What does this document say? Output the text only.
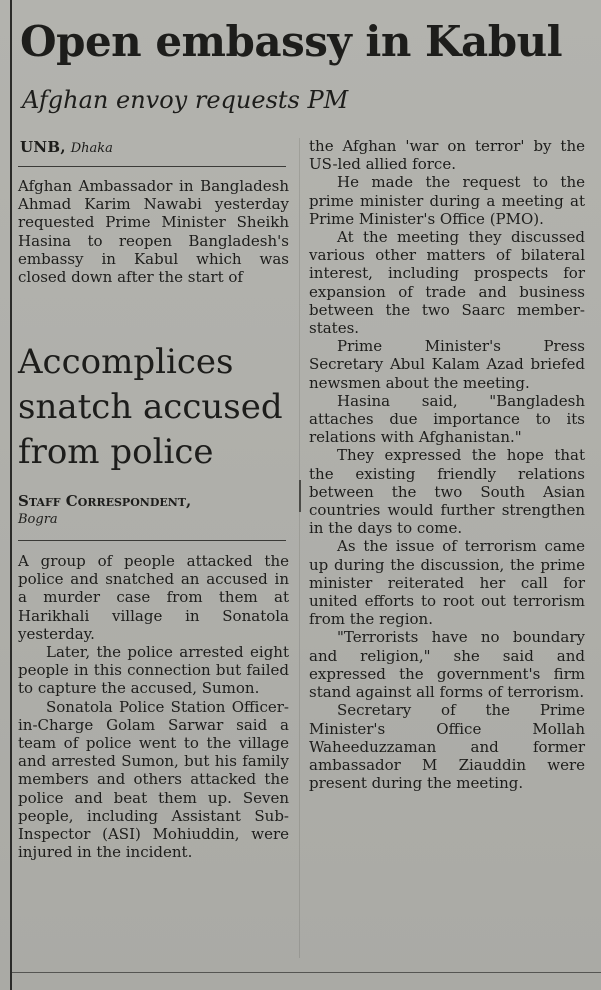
Open embassy in Kabul
Afghan envoy requests PM
UNB, Dhaka

Afghan Ambassador in Bangladesh Ahmad Karim Nawabi yesterday requested Prime Minister Sheikh Hasina to reopen Bangladesh's embassy in Kabul which was closed down after the start of

Accomplices
snatch accused
from police
Staff Correspondent,
Bogra

A group of people attacked the police and snatched an accused in a murder case from them at Harikhali village in Sonatola yesterday.

Later, the police arrested eight people in this connection but failed to capture the accused, Sumon.

Sonatola Police Station Officer-in-Charge Golam Sarwar said a team of police went to the village and arrested Sumon, but his family members and others attacked the police and beat them up. Seven people, including Assistant Sub-Inspector (ASI) Mohiuddin, were injured in the incident.

the Afghan 'war on terror' by the US-led allied force.

He made the request to the prime minister during a meeting at Prime Minister's Office (PMO).

At the meeting they discussed various other matters of bilateral interest, including prospects for expansion of trade and business between the two Saarc member-states.

Prime Minister's Press Secretary Abul Kalam Azad briefed newsmen about the meeting.

Hasina said, "Bangladesh attaches due importance to its relations with Afghanistan."

They expressed the hope that the existing friendly relations between the two South Asian countries would further strengthen in the days to come.

As the issue of terrorism came up during the discussion, the prime minister reiterated her call for united efforts to root out terrorism from the region.

"Terrorists have no boundary and religion," she said and expressed the government's firm stand against all forms of terrorism.

Secretary of the Prime Minister's Office Mollah Waheeduzzaman and former ambassador M Ziauddin were present during the meeting.
